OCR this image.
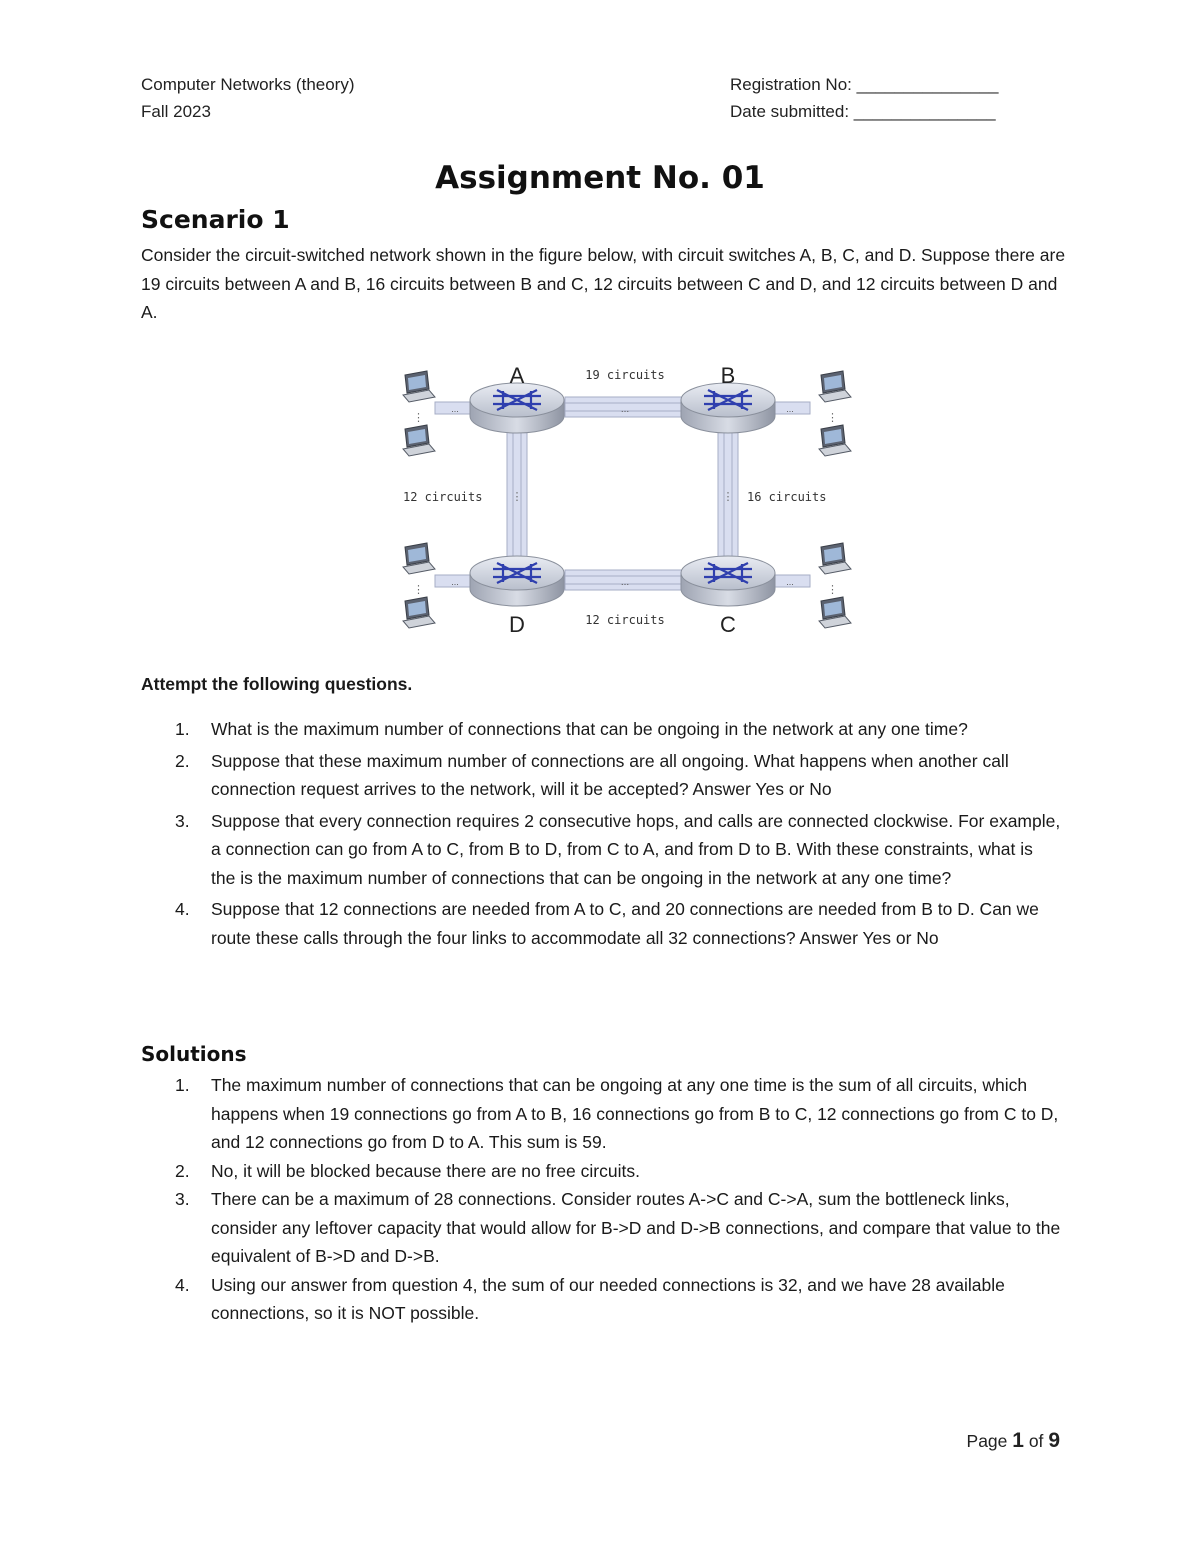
Computer Networks (theory)
Fall 2023
Registration No: _______________
Date submitted: _______________
Assignment No. 01
Scenario 1
Consider the circuit-switched network shown in the figure below, with circuit switches A, B, C, and D. Suppose there are 19 circuits between A and B, 16 circuits between B and C, 12 circuits between C and D, and 12 circuits between D and A.
...
...
⋮	⋮
...	...
...	...
⋮	⋮
⋮	⋮
A	B
C
D
19 circuits
12 circuits	16 circuits
12 circuits
Attempt the following questions.
1. What is the maximum number of connections that can be ongoing in the network at any one time?
2. Suppose that these maximum number of connections are all ongoing. What happens when another call connection request arrives to the network, will it be accepted? Answer Yes or No
3. Suppose that every connection requires 2 consecutive hops, and calls are connected clockwise. For example, a connection can go from A to C, from B to D, from C to A, and from D to B. With these constraints, what is the is the maximum number of connections that can be ongoing in the network at any one time?
4. Suppose that 12 connections are needed from A to C, and 20 connections are needed from B to D. Can we route these calls through the four links to accommodate all 32 connections? Answer Yes or No
Solutions
1. The maximum number of connections that can be ongoing at any one time is the sum of all circuits, which happens when 19 connections go from A to B, 16 connections go from B to C, 12 connections go from C to D, and 12 connections go from D to A. This sum is 59.
2. No, it will be blocked because there are no free circuits.
3. There can be a maximum of 28 connections. Consider routes A->C and C->A, sum the bottleneck links, consider any leftover capacity that would allow for B->D and D->B connections, and compare that value to the equivalent of B->D and D->B.
4. Using our answer from question 4, the sum of our needed connections is 32, and we have 28 available connections, so it is NOT possible.
Page 1 of 9
